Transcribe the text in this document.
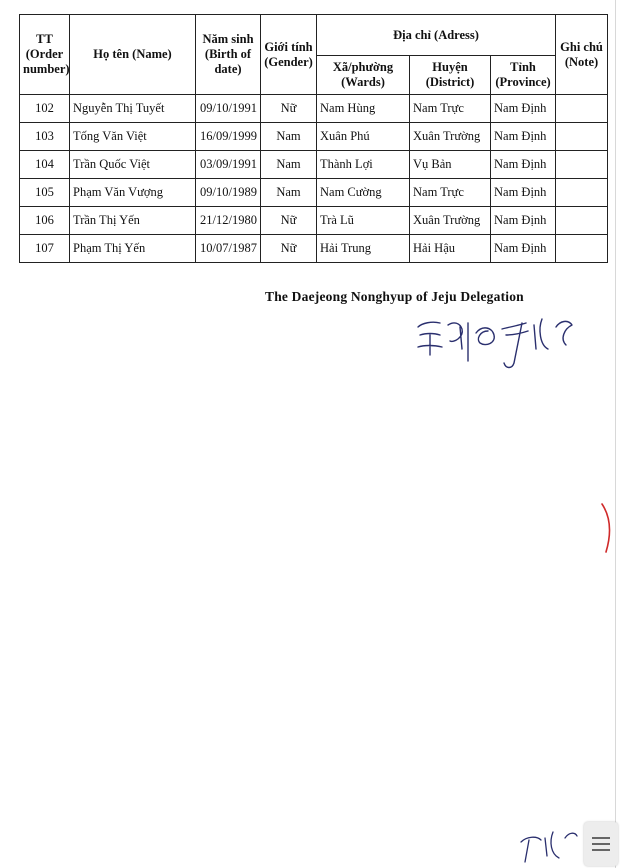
TT (Order number)	Họ tên (Name)	Năm sinh (Birth of date)	Giới tính (Gender)	Địa chỉ (Adress)			Ghi chú (Note)
				Xã/phường (Wards)	Huyện (District)	Tỉnh (Province)	
102	Nguyễn Thị Tuyết	09/10/1991	Nữ	Nam Hùng	Nam Trực	Nam Định	
103	Tống Văn Việt	16/09/1999	Nam	Xuân Phú	Xuân Trường	Nam Định	
104	Trần Quốc Việt	03/09/1991	Nam	Thành Lợi	Vụ Bản	Nam Định	
105	Phạm Văn Vượng	09/10/1989	Nam	Nam Cường	Nam Trực	Nam Định	
106	Trần Thị Yến	21/12/1980	Nữ	Trà Lũ	Xuân Trường	Nam Định	
107	Phạm Thị Yến	10/07/1987	Nữ	Hải Trung	Hải Hậu	Nam Định	
The Daejeong Nonghyup of Jeju Delegation
